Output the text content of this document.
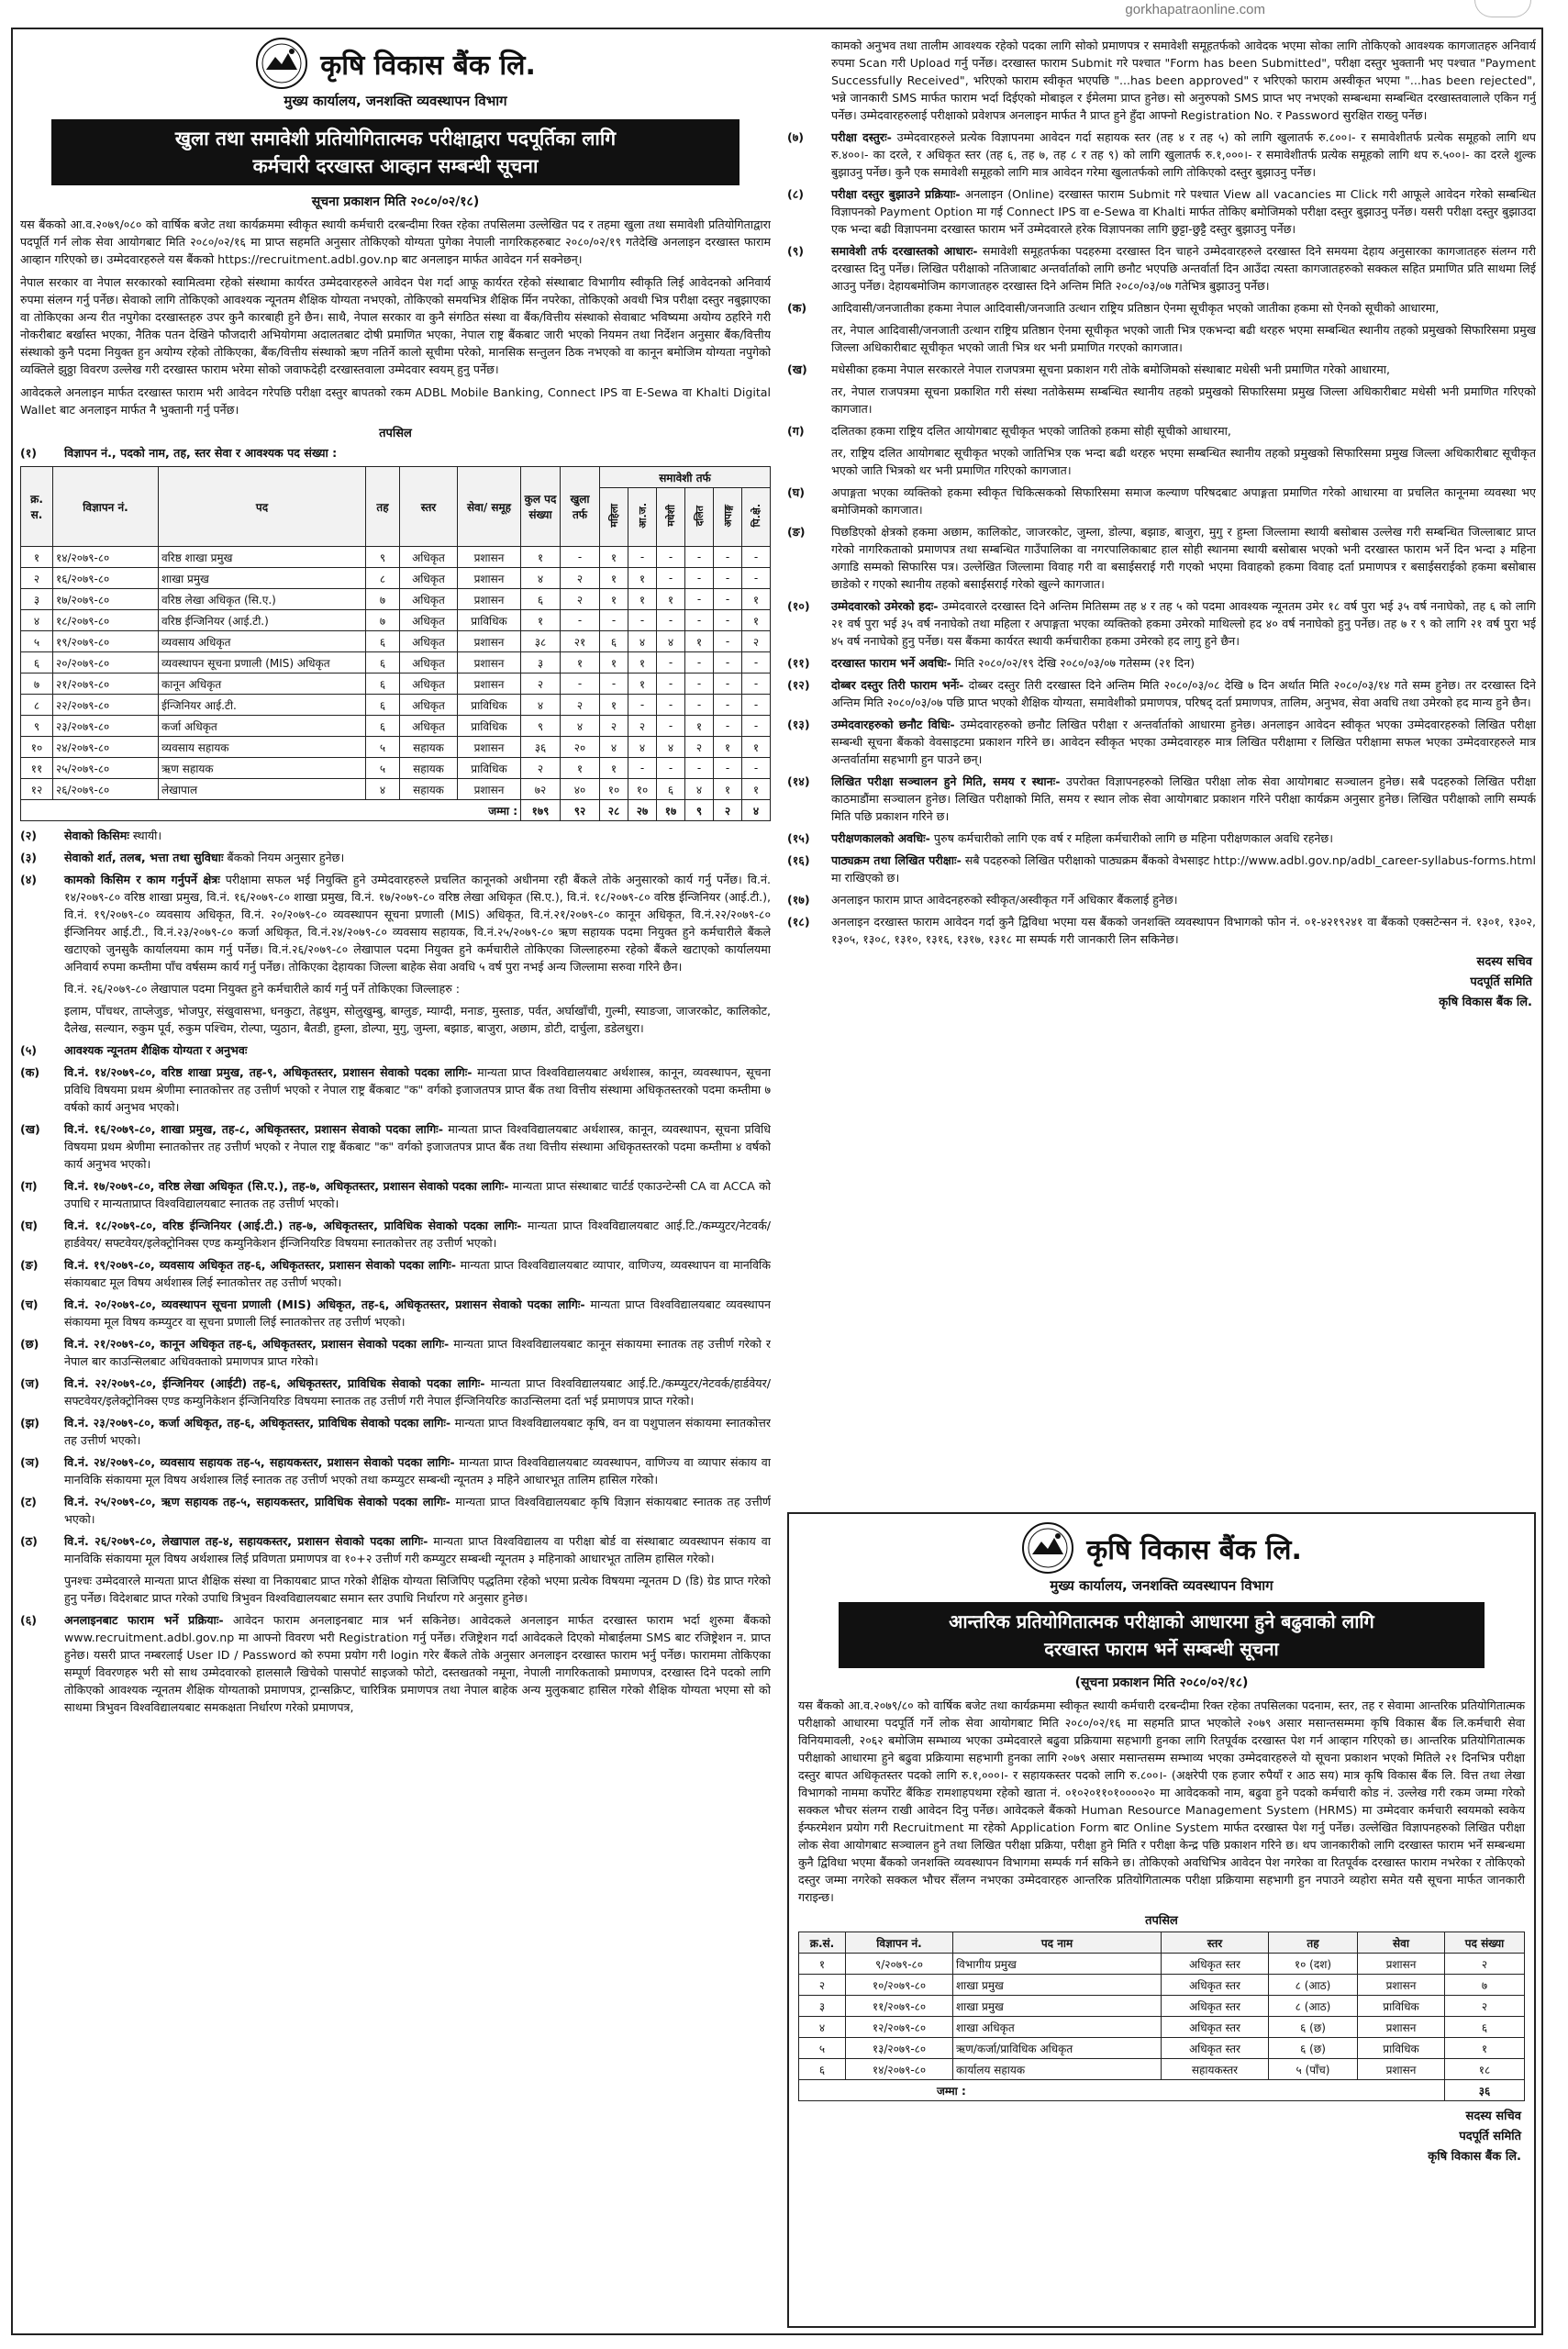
gorkhapatraonline.com
कृषि विकास बैंक लि.
मुख्य कार्यालय, जनशक्ति व्यवस्थापन विभाग
खुला तथा समावेशी प्रतियोगितात्मक परीक्षाद्वारा पदपूर्तिका लागि
कर्मचारी दरखास्त आव्हान सम्बन्धी सूचना
सूचना प्रकाशन मिति २०८०/०२/१८)

यस बैंकको आ.व.२०७९/०८० को वार्षिक बजेट तथा कार्यक्रममा स्वीकृत स्थायी कर्मचारी दरबन्दीमा रिक्त रहेका तपसिलमा उल्लेखित पद र तहमा खुला तथा समावेशी प्रतियोगिताद्वारा पदपूर्ति गर्न लोक सेवा आयोगबाट मिति २०८०/०२/१६ मा प्राप्त सहमति अनुसार तोकिएको योग्यता पुगेका नेपाली नागरिकहरुबाट २०८०/०२/१९ गतेदेखि अनलाइन दरखास्त फाराम आव्हान गरिएको छ। उम्मेदवारहरुले यस बैंकको https://recruitment.adbl.gov.np बाट अनलाइन मार्फत आवेदन गर्न सक्नेछन्।

नेपाल सरकार वा नेपाल सरकारको स्वामित्वमा रहेको संस्थामा कार्यरत उम्मेदवारहरुले आवेदन पेश गर्दा आफू कार्यरत रहेको संस्थाबाट विभागीय स्वीकृति लिई आवेदनको अनिवार्य रुपमा संलग्न गर्नु पर्नेछ। सेवाको लागि तोकिएको आवश्यक न्यूनतम शैक्षिक योग्यता नभएको, तोकिएको समयभित्र शैक्षिक र्मिन नपरेका, तोकिएको अवधी भित्र परीक्षा दस्तुर नबुझाएका वा तोकिएका अन्य रीत नपुगेका दरखास्तहरु उपर कुनै कारबाही हुने छैन। साथै, नेपाल सरकार वा कुनै संगठित संस्था वा बैंक/वित्तीय संस्थाको सेवाबाट भविष्यमा अयोग्य ठहरिने गरी नोकरीबाट बर्खास्त भएका, नैतिक पतन देखिने फौजदारी अभियोगमा अदालतबाट दोषी प्रमाणित भएका, नेपाल राष्ट्र बैंकबाट जारी भएको नियमन तथा निर्देशन अनुसार बैंक/वित्तीय संस्थाको कुनै पदमा नियुक्त हुन अयोग्य रहेको तोकिएका, बैंक/वित्तीय संस्थाको ऋण नतिर्ने कालो सूचीमा परेको, मानसिक सन्तुलन ठिक नभएको वा कानून बमोजिम योग्यता नपुगेको व्यक्तिले झुठ्ठा विवरण उल्लेख गरी दरखास्त फाराम भरेमा सोको जवाफदेही दरखास्तवाला उम्मेदवार स्वयम् हुनु पर्नेछ।

आवेदकले अनलाइन मार्फत दरखास्त फाराम भरी आवेदन गरेपछि परीक्षा दस्तुर बापतको रकम ADBL Mobile Banking, Connect IPS वा E-Sewa वा Khalti Digital Wallet बाट अनलाइन मार्फत नै भुक्तानी गर्नु पर्नेछ।

तपसिल
(१)	विज्ञापन नं., पदको नाम, तह, स्तर सेवा र आवश्यक पद संख्या :
क्र. स.	विज्ञापन नं.	पद	तह	स्तर	सेवा/ समूह	कुल पद संख्या	खुला तर्फ	समावेशी तर्फ					
								महिला	आ.ज.	मधेशी	दलित	अपाङ्ग	पि.क्षे.
१	१४/२०७९-८०	वरिष्ठ शाखा प्रमुख	९	अधिकृत	प्रशासन	१	-	१	-	-	-	-	-
२	१६/२०७९-८०	शाखा प्रमुख	८	अधिकृत	प्रशासन	४	२	१	१	-	-	-	-
३	१७/२०७९-८०	वरिष्ठ लेखा अधिकृत (सि.ए.)	७	अधिकृत	प्रशासन	६	२	१	१	१	-	-	१
४	१८/२०७९-८०	वरिष्ठ ईन्जिनियर (आई.टी.)	७	अधिकृत	प्राविधिक	१	-	-	-	-	-	-	१
५	१९/२०७९-८०	व्यवसाय अधिकृत	६	अधिकृत	प्रशासन	३८	२१	६	४	४	१	-	२
६	२०/२०७९-८०	व्यवस्थापन सूचना प्रणाली (MIS) अधिकृत	६	अधिकृत	प्रशासन	३	१	१	१	-	-	-	-
७	२१/२०७९-८०	कानून अधिकृत	६	अधिकृत	प्रशासन	२	-	-	१	-	-	-	-
८	२२/२०७९-८०	ईन्जिनियर आई.टी.	६	अधिकृत	प्राविधिक	४	२	१	-	-	-	-	-
९	२३/२०७९-८०	कर्जा अधिकृत	६	अधिकृत	प्राविधिक	९	४	२	२	-	१	-	-
१०	२४/२०७९-८०	व्यवसाय सहायक	५	सहायक	प्रशासन	३६	२०	४	४	४	२	१	१
११	२५/२०७९-८०	ऋण सहायक	५	सहायक	प्राविधिक	२	१	१	-	-	-	-	-
१२	२६/२०७९-८०	लेखापाल	४	सहायक	प्रशासन	७२	४०	१०	१०	६	४	१	१
जम्मा :						१७९	९२	२८	२७	१७	९	२	४
(२)	सेवाको किसिमः स्थायी।
(३)	सेवाको शर्त, तलब, भत्ता तथा सुविधाः बैंकको नियम अनुसार हुनेछ।
(४)	कामको किसिम र काम गर्नुपर्ने क्षेत्रः परीक्षामा सफल भई नियुक्ति हुने उम्मेदवारहरुले प्रचलित कानूनको अधीनमा रही बैंकले तोके अनुसारको कार्य गर्नु पर्नेछ। वि.नं. १४/२०७९-८० वरिष्ठ शाखा प्रमुख, वि.नं. १६/२०७९-८० शाखा प्रमुख, वि.नं. १७/२०७९-८० वरिष्ठ लेखा अधिकृत (सि.ए.), वि.नं. १८/२०७९-८० वरिष्ठ ईन्जिनियर (आई.टी.), वि.नं. १९/२०७९-८० व्यवसाय अधिकृत, वि.नं. २०/२०७९-८० व्यवस्थापन सूचना प्रणाली (MIS) अधिकृत, वि.नं.२१/२०७९-८० कानून अधिकृत, वि.नं.२२/२०७९-८० ईन्जिनियर आई.टी., वि.नं.२३/२०७९-८० कर्जा अधिकृत, वि.नं.२४/२०७९-८० व्यवसाय सहायक, वि.नं.२५/२०७९-८० ऋण सहायक पदमा नियुक्त हुने कर्मचारीले बैंकले खटाएको जुनसुकै कार्यालयमा काम गर्नु पर्नेछ। वि.नं.२६/२०७९-८० लेखापाल पदमा नियुक्त हुने कर्मचारीले तोकिएका जिल्लाहरुमा रहेको बैंकले खटाएको कार्यालयमा अनिवार्य रुपमा कम्तीमा पाँच वर्षसम्म कार्य गर्नु पर्नेछ। तोकिएका देहायका जिल्ला बाहेक सेवा अवधि ५ वर्ष पुरा नभई अन्य जिल्लामा सरुवा गरिने छैन।
वि.नं. २६/२०७९-८० लेखापाल पदमा नियुक्त हुने कर्मचारीले कार्य गर्नु पर्ने तोकिएका जिल्लाहरु :
इलाम, पाँचथर, ताप्लेजुङ, भोजपुर, संखुवासभा, धनकुटा, तेह्रथुम, सोलुखुम्बु, बाग्लुङ, म्याग्दी, मनाङ, मुस्ताङ, पर्वत, अर्घाखाँची, गुल्मी, स्याङजा, जाजरकोट, कालिकोट, दैलेख, सल्यान, रुकुम पूर्व, रुकुम पश्चिम, रोल्पा, प्युठान, बैतडी, हुम्ला, डोल्पा, मुगु, जुम्ला, बझाङ, बाजुरा, अछाम, डोटी, दार्चुला, डडेलधुरा।
(५)	आवश्यक न्यूनतम शैक्षिक योग्यता र अनुभवः
(क)	वि.नं. १४/२०७९-८०, वरिष्ठ शाखा प्रमुख, तह-९, अधिकृतस्तर, प्रशासन सेवाको पदका लागिः- मान्यता प्राप्त विश्वविद्यालयबाट अर्थशास्त्र, कानून, व्यवस्थापन, सूचना प्रविधि विषयमा प्रथम श्रेणीमा स्नातकोत्तर तह उत्तीर्ण भएको र नेपाल राष्ट्र बैंकबाट "क" वर्गको इजाजतपत्र प्राप्त बैंक तथा वित्तीय संस्थामा अधिकृतस्तरको पदमा कम्तीमा ७ वर्षको कार्य अनुभव भएको।
(ख)	वि.नं. १६/२०७९-८०, शाखा प्रमुख, तह-८, अधिकृतस्तर, प्रशासन सेवाको पदका लागिः- मान्यता प्राप्त विश्वविद्यालयबाट अर्थशास्त्र, कानून, व्यवस्थापन, सूचना प्रविधि विषयमा प्रथम श्रेणीमा स्नातकोत्तर तह उत्तीर्ण भएको र नेपाल राष्ट्र बैंकबाट "क" वर्गको इजाजतपत्र प्राप्त बैंक तथा वित्तीय संस्थामा अधिकृतस्तरको पदमा कम्तीमा ४ वर्षको कार्य अनुभव भएको।
(ग)	वि.नं. १७/२०७९-८०, वरिष्ठ लेखा अधिकृत (सि.ए.), तह-७, अधिकृतस्तर, प्रशासन सेवाको पदका लागिः- मान्यता प्राप्त संस्थाबाट चार्टर्ड एकाउन्टेन्सी CA वा ACCA को उपाधि र मान्यताप्राप्त विश्वविद्यालयबाट स्नातक तह उत्तीर्ण भएको।
(घ)	वि.नं. १८/२०७९-८०, वरिष्ठ ईन्जिनियर (आई.टी.) तह-७, अधिकृतस्तर, प्राविधिक सेवाको पदका लागिः- मान्यता प्राप्त विश्वविद्यालयबाट आई.टि./कम्प्युटर/नेटवर्क/हार्डवेयर/ सफ्टवेयर/इलेक्ट्रोनिक्स एण्ड कम्युनिकेशन ईन्जिनियरिङ विषयमा स्नातकोत्तर तह उत्तीर्ण भएको।
(ङ)	वि.नं. १९/२०७९-८०, व्यवसाय अधिकृत तह-६, अधिकृतस्तर, प्रशासन सेवाको पदका लागिः- मान्यता प्राप्त विश्वविद्यालयबाट व्यापार, वाणिज्य, व्यवस्थापन वा मानविकि संकायबाट मूल विषय अर्थशास्त्र लिई स्नातकोत्तर तह उत्तीर्ण भएको।
(च)	वि.नं. २०/२०७९-८०, व्यवस्थापन सूचना प्रणाली (MIS) अधिकृत, तह-६, अधिकृतस्तर, प्रशासन सेवाको पदका लागिः- मान्यता प्राप्त विश्वविद्यालयबाट व्यवस्थापन संकायमा मूल विषय कम्प्युटर वा सूचना प्रणाली लिई स्नातकोत्तर तह उत्तीर्ण भएको।
(छ)	वि.नं. २१/२०७९-८०, कानून अधिकृत तह-६, अधिकृतस्तर, प्रशासन सेवाको पदका लागिः- मान्यता प्राप्त विश्वविद्यालयबाट कानून संकायमा स्नातक तह उत्तीर्ण गरेको र नेपाल बार काउन्सिलबाट अधिवक्ताको प्रमाणपत्र प्राप्त गरेको।
(ज)	वि.नं. २२/२०७९-८०, ईन्जिनियर (आईटी) तह-६, अधिकृतस्तर, प्राविधिक सेवाको पदका लागिः- मान्यता प्राप्त विश्वविद्यालयबाट आई.टि./कम्प्युटर/नेटवर्क/हार्डवेयर/सफ्टवेयर/इलेक्ट्रोनिक्स एण्ड कम्युनिकेशन ईन्जिनियरिङ विषयमा स्नातक तह उत्तीर्ण गरी नेपाल ईन्जिनियरिङ काउन्सिलमा दर्ता भई प्रमाणपत्र प्राप्त गरेको।
(झ)	वि.नं. २३/२०७९-८०, कर्जा अधिकृत, तह-६, अधिकृतस्तर, प्राविधिक सेवाको पदका लागिः- मान्यता प्राप्त विश्वविद्यालयबाट कृषि, वन वा पशुपालन संकायमा स्नातकोत्तर तह उत्तीर्ण भएको।
(ञ)	वि.नं. २४/२०७९-८०, व्यवसाय सहायक तह-५, सहायकस्तर, प्रशासन सेवाको पदका लागिः- मान्यता प्राप्त विश्वविद्यालयबाट व्यवस्थापन, वाणिज्य वा व्यापार संकाय वा मानविकि संकायमा मूल विषय अर्थशास्त्र लिई स्नातक तह उत्तीर्ण भएको तथा कम्प्युटर सम्बन्धी न्यूनतम ३ महिने आधारभूत तालिम हासिल गरेको।
(ट)	वि.नं. २५/२०७९-८०, ऋण सहायक तह-५, सहायकस्तर, प्राविधिक सेवाको पदका लागिः- मान्यता प्राप्त विश्वविद्यालयबाट कृषि विज्ञान संकायबाट स्नातक तह उत्तीर्ण भएको।
(ठ)	वि.नं. २६/२०७९-८०, लेखापाल तह-४, सहायकस्तर, प्रशासन सेवाको पदका लागिः- मान्यता प्राप्त विश्वविद्यालय वा परीक्षा बोर्ड वा संस्थाबाट व्यवस्थापन संकाय वा मानविकि संकायमा मूल विषय अर्थशास्त्र लिई प्रविणता प्रमाणपत्र वा १०+२ उत्तीर्ण गरी कम्प्युटर सम्बन्धी न्यूनतम ३ महिनाको आधारभूत तालिम हासिल गरेको।
पुनश्चः उम्मेदवारले मान्यता प्राप्त शैक्षिक संस्था वा निकायबाट प्राप्त गरेको शैक्षिक योग्यता सिजिपिए पद्धतिमा रहेको भएमा प्रत्येक विषयमा न्यूनतम D (डि) ग्रेड प्राप्त गरेको हुनु पर्नेछ। विदेशबाट प्राप्त गरेको उपाधि त्रिभुवन विश्वविद्यालयबाट समान स्तर उपाधि निर्धारण गरे अनुसार हुनेछ।
(६)	अनलाइनबाट फाराम भर्ने प्रक्रियाः- आवेदन फाराम अनलाइनबाट मात्र भर्न सकिनेछ। आवेदकले अनलाइन मार्फत दरखास्त फाराम भर्दा शुरुमा बैंकको www.recruitment.adbl.gov.np मा आफ्नो विवरण भरी Registration गर्नु पर्नेछ। रजिष्ट्रेशन गर्दा आवेदकले दिएको मोबाईलमा SMS बाट रजिष्ट्रेशन न. प्राप्त हुनेछ। यसरी प्राप्त नम्बरलाई User ID / Password को रुपमा प्रयोग गरी login गरेर बैंकले तोके अनुसार अनलाइन दरखास्त फाराम भर्नु पर्नेछ। फाराममा तोकिएका सम्पूर्ण विवरणहरु भरी सो साथ उम्मेदवारको हालसालै खिचेको पासपोर्ट साइजको फोटो, दस्तखतको नमूना, नेपाली नागरिकताको प्रमाणपत्र, दरखास्त दिने पदको लागि तोकिएको आवश्यक न्यूनतम शैक्षिक योग्यताको प्रमाणपत्र, ट्रान्सक्रिप्ट, चारित्रिक प्रमाणपत्र तथा नेपाल बाहेक अन्य मुलुकबाट हासिल गरेको शैक्षिक योग्यता भएमा सो को साथमा त्रिभुवन विश्वविद्यालयबाट समकक्षता निर्धारण गरेको प्रमाणपत्र,
कामको अनुभव तथा तालीम आवश्यक रहेको पदका लागि सोको प्रमाणपत्र र समावेशी समूहतर्फको आवेदक भएमा सोका लागि तोकिएको आवश्यक कागजातहरु अनिवार्य रुपमा Scan गरी Upload गर्नु पर्नेछ। दरखास्त फाराम Submit गरे पश्चात "Form has been Submitted", परीक्षा दस्तुर भुक्तानी भए पश्चात "Payment Successfully Received", भरिएको फाराम स्वीकृत भएपछि "...has been approved" र भरिएको फाराम अस्वीकृत भएमा "...has been rejected", भन्ने जानकारी SMS मार्फत फाराम भर्दा दिईएको मोबाइल र ईमेलमा प्राप्त हुनेछ। सो अनुरुपको SMS प्राप्त भए नभएको सम्बन्धमा सम्बन्धित दरखास्तवालाले एकिन गर्नु पर्नेछ। उम्मेदवारहरुलाई परीक्षाको प्रवेशपत्र अनलाइन मार्फत नै प्राप्त हुने हुँदा आफ्नो Registration No. र Password सुरक्षित राख्नु पर्नेछ।
(७)	परीक्षा दस्तुरः- उम्मेदवारहरुले प्रत्येक विज्ञापनमा आवेदन गर्दा सहायक स्तर (तह ४ र तह ५) को लागि खुलातर्फ रु.८००।- र समावेशीतर्फ प्रत्येक समूहको लागि थप रु.४००।- का दरले, र अधिकृत स्तर (तह ६, तह ७, तह ८ र तह ९) को लागि खुलातर्फ रु.१,०००।- र समावेशीतर्फ प्रत्येक समूहको लागि थप रु.५००।- का दरले शुल्क बुझाउनु पर्नेछ। कुनै एक समावेशी समूहको लागि मात्र आवेदन गरेमा खुलातर्फको लागि तोकिएको दस्तुर बुझाउनु पर्नेछ।
(८)	परीक्षा दस्तुर बुझाउने प्रक्रियाः- अनलाइन (Online) दरखास्त फाराम Submit गरे पश्चात View all vacancies मा Click गरी आफूले आवेदन गरेको सम्बन्धित विज्ञापनको Payment Option मा गई Connect IPS वा e-Sewa वा Khalti मार्फत तोकिए बमोजिमको परीक्षा दस्तुर बुझाउनु पर्नेछ। यसरी परीक्षा दस्तुर बुझाउदा एक भन्दा बढी विज्ञापनमा दरखास्त फाराम भर्ने उम्मेदवारले हरेक विज्ञापनका लागि छुट्टा-छुट्टै दस्तुर बुझाउनु पर्नेछ।
(९)	समावेशी तर्फ दरखास्तको आधारः- समावेशी समूहतर्फका पदहरुमा दरखास्त दिन चाहने उम्मेदवारहरुले दरखास्त दिने समयमा देहाय अनुसारका कागजातहरु संलग्न गरी दरखास्त दिनु पर्नेछ। लिखित परीक्षाको नतिजाबाट अन्तर्वार्ताको लागि छनौट भएपछि अन्तर्वार्ता दिन आउँदा त्यस्ता कागजातहरुको सक्कल सहित प्रमाणित प्रति साथमा लिई आउनु पर्नेछ। देहायबमोजिम कागजातहरु दरखास्त दिने अन्तिम मिति २०८०/०३/०७ गतेभित्र बुझाउनु पर्नेछ।
(क)	आदिवासी/जनजातीका हकमा नेपाल आदिवासी/जनजाति उत्थान राष्ट्रिय प्रतिष्ठान ऐनमा सूचीकृत भएको जातीका हकमा सो ऐनको सूचीको आधारमा,
तर, नेपाल आदिवासी/जनजाती उत्थान राष्ट्रिय प्रतिष्ठान ऐनमा सूचीकृत भएको जाती भित्र एकभन्दा बढी थरहरु भएमा सम्बन्धित स्थानीय तहको प्रमुखको सिफारिसमा प्रमुख जिल्ला अधिकारीबाट सूचीकृत भएको जाती भित्र थर भनी प्रमाणित गरएको कागजात।
(ख)	मधेसीका हकमा नेपाल सरकारले नेपाल राजपत्रमा सूचना प्रकाशन गरी तोके बमोजिमको संस्थाबाट मधेसी भनी प्रमाणित गरेको आधारमा,
तर, नेपाल राजपत्रमा सूचना प्रकाशित गरी संस्था नतोकेसम्म सम्बन्धित स्थानीय तहको प्रमुखको सिफारिसमा प्रमुख जिल्ला अधिकारीबाट मधेसी भनी प्रमाणित गरिएको कागजात।
(ग)	दलितका हकमा राष्ट्रिय दलित आयोगबाट सूचीकृत भएको जातिको हकमा सोही सूचीको आधारमा,
तर, राष्ट्रिय दलित आयोगबाट सूचीकृत भएको जातिभित्र एक भन्दा बढी थरहरु भएमा सम्बन्धित स्थानीय तहको प्रमुखको सिफारिसमा प्रमुख जिल्ला अधिकारीबाट सूचीकृत भएको जाति भित्रको थर भनी प्रमाणित गरिएको कागजात।
(घ)	अपाङ्गता भएका व्यक्तिको हकमा स्वीकृत चिकित्सकको सिफारिसमा समाज कल्याण परिषदबाट अपाङ्गता प्रमाणित गरेको आधारमा वा प्रचलित कानूनमा व्यवस्था भए बमोजिमको कागजात।
(ङ)	पिछडिएको क्षेत्रको हकमा अछाम, कालिकोट, जाजरकोट, जुम्ला, डोल्पा, बझाङ, बाजुरा, मुगु र हुम्ला जिल्लामा स्थायी बसोबास उल्लेख गरी सम्बन्धित जिल्लाबाट प्राप्त गरेको नागरिकताको प्रमाणपत्र तथा सम्बन्धित गाउँपालिका वा नगरपालिकाबाट हाल सोही स्थानमा स्थायी बसोबास भएको भनी दरखास्त फाराम भर्ने दिन भन्दा ३ महिना अगाडि सम्मको सिफारिस पत्र। उल्लेखित जिल्लामा विवाह गरी वा बसाईसराई गरी गएको भएमा विवाहको हकमा विवाह दर्ता प्रमाणपत्र र बसाईसराईको हकमा बसोबास छाडेको र गएको स्थानीय तहको बसाईसराई गरेको खुल्ने कागजात।
(१०)	उम्मेदवारको उमेरको हदः- उम्मेदवारले दरखास्त दिने अन्तिम मितिसम्म तह ४ र तह ५ को पदमा आवश्यक न्यूनतम उमेर १८ वर्ष पुरा भई ३५ वर्ष ननाघेको, तह ६ को लागि २१ वर्ष पुरा भई ३५ वर्ष ननाघेको तथा महिला र अपाङ्गता भएका व्यक्तिको हकमा उमेरको माथिल्लो हद ४० वर्ष ननाघेको हुनु पर्नेछ। तह ७ र ९ को लागि २१ वर्ष पुरा भई ४५ वर्ष ननाघेको हुनु पर्नेछ। यस बैंकमा कार्यरत स्थायी कर्मचारीका हकमा उमेरको हद लागु हुने छैन।
(११)	दरखास्त फाराम भर्ने अवधिः- मिति २०८०/०२/१९ देखि २०८०/०३/०७ गतेसम्म (२१ दिन)
(१२)	दोब्बर दस्तुर तिरी फाराम भर्नेः- दोब्बर दस्तुर तिरी दरखास्त दिने अन्तिम मिति २०८०/०३/०८ देखि ७ दिन अर्थात मिति २०८०/०३/१४ गते सम्म हुनेछ। तर दरखास्त दिने अन्तिम मिति २०८०/०३/०७ पछि प्राप्त भएको शैक्षिक योग्यता, समावेशीको प्रमाणपत्र, परिषद् दर्ता प्रमाणपत्र, तालिम, अनुभव, सेवा अवधि तथा उमेरको हद मान्य हुने छैन।
(१३)	उम्मेदवारहरुको छनौट विधिः- उम्मेदवारहरुको छनौट लिखित परीक्षा र अन्तर्वार्ताको आधारमा हुनेछ। अनलाइन आवेदन स्वीकृत भएका उम्मेदवारहरुको लिखित परीक्षा सम्बन्धी सूचना बैंकको वेवसाइटमा प्रकाशन गरिने छ। आवेदन स्वीकृत भएका उम्मेदवारहरु मात्र लिखित परीक्षामा र लिखित परीक्षामा सफल भएका उम्मेदवारहरुले मात्र अन्तर्वार्तामा सहभागी हुन पाउने छन्।
(१४)	लिखित परीक्षा सञ्चालन हुने मिति, समय र स्थानः- उपरोक्त विज्ञापनहरुको लिखित परीक्षा लोक सेवा आयोगबाट सञ्चालन हुनेछ। सबै पदहरुको लिखित परीक्षा काठमाडौंमा सञ्चालन हुनेछ। लिखित परीक्षाको मिति, समय र स्थान लोक सेवा आयोगबाट प्रकाशन गरिने परीक्षा कार्यक्रम अनुसार हुनेछ। लिखित परीक्षाको लागि सम्पर्क मिति पछि प्रकाशन गरिने छ।
(१५)	परीक्षणकालको अवधिः- पुरुष कर्मचारीको लागि एक वर्ष र महिला कर्मचारीको लागि छ महिना परीक्षणकाल अवधि रहनेछ।
(१६)	पाठ्यक्रम तथा लिखित परीक्षाः- सबै पदहरुको लिखित परीक्षाको पाठ्यक्रम बैंकको वेभसाइट http://www.adbl.gov.np/adbl_career-syllabus-forms.html मा राखिएको छ।
(१७)	अनलाइन फाराम प्राप्त आवेदनहरुको स्वीकृत/अस्वीकृत गर्ने अधिकार बैंकलाई हुनेछ।
(१८)	अनलाइन दरखास्त फाराम आवेदन गर्दा कुनै द्विविधा भएमा यस बैंकको जनशक्ति व्यवस्थापन विभागको फोन नं. ०१-४२१९२४१ वा बैंकको एक्सटेन्सन नं. १३०१, १३०२, १३०५, १३०८, १३१०, १३१६, १३१७, १३१८ मा सम्पर्क गरी जानकारी लिन सकिनेछ।
सदस्य सचिव
पदपूर्ति समिति
कृषि विकास बैंक लि.
कृषि विकास बैंक लि.
मुख्य कार्यालय, जनशक्ति व्यवस्थापन विभाग
आन्तरिक प्रतियोगितात्मक परीक्षाको आधारमा हुने बढुवाको लागि
दरखास्त फाराम भर्ने सम्बन्धी सूचना
(सूचना प्रकाशन मिति २०८०/०२/१८)

यस बैंकको आ.व.२०७९/८० को वार्षिक बजेट तथा कार्यक्रममा स्वीकृत स्थायी कर्मचारी दरबन्दीमा रिक्त रहेका तपसिलका पदनाम, स्तर, तह र सेवामा आन्तरिक प्रतियोगितात्मक परीक्षाको आधारमा पदपूर्ति गर्ने लोक सेवा आयोगबाट मिति २०८०/०२/१६ मा सहमति प्राप्त भएकोले २०७९ असार मसान्तसम्ममा कृषि विकास बैंक लि.कर्मचारी सेवा विनियमावली, २०६२ बमोजिम सम्भाव्य भएका उम्मेदवारले बढुवा प्रक्रियामा सहभागी हुनका लागि रितपूर्वक दरखास्त पेश गर्न आव्हान गरिएको छ। आन्तरिक प्रतियोगितात्मक परीक्षाको आधारमा हुने बढुवा प्रक्रियामा सहभागी हुनका लागि २०७९ असार मसान्तसम्म सम्भाव्य भएका उम्मेदवारहरुले यो सूचना प्रकाशन भएको मितिले २१ दिनभित्र परीक्षा दस्तुर बापत अधिकृतस्तर पदको लागि रु.१,०००।- र सहायकस्तर पदको लागि रु.८००।- (अक्षरेपी एक हजार रुपैयाँ र आठ सय) मात्र कृषि विकास बैंक लि. वित्त तथा लेखा विभागको नाममा कर्पोरेट बैंकिङ रामशाहपथमा रहेको खाता नं. ०१०२०११०१००००२० मा आवेदकको नाम, बढुवा हुने पदको कर्मचारी कोड नं. उल्लेख गरी रकम जम्मा गरेको सक्कल भौचर संलग्न राखी आवेदन दिनु पर्नेछ। आवेदकले बैंकको Human Resource Management System (HRMS) मा उम्मेदवार कर्मचारी स्वयमको स्वकेय ईन्फरमेशन प्रयोग गरी Recruitment मा रहेको Application Form बाट Online System मार्फत दरखास्त पेश गर्नु पर्नेछ। उल्लेखित विज्ञापनहरुको लिखित परीक्षा लोक सेवा आयोगबाट सञ्चालन हुने तथा लिखित परीक्षा प्रक्रिया, परीक्षा हुने मिति र परीक्षा केन्द्र पछि प्रकाशन गरिने छ। थप जानकारीको लागि दरखास्त फाराम भर्ने सम्बन्धमा कुनै द्विविधा भएमा बैंकको जनशक्ति व्यवस्थापन विभागमा सम्पर्क गर्न सकिने छ। तोकिएको अवधिभित्र आवेदन पेश नगरेका वा रितपूर्वक दरखास्त फाराम नभरेका र तोकिएको दस्तुर जम्मा नगरेको सक्कल भौचर सँलग्न नभएका उम्मेदवारहरु आन्तरिक प्रतियोगितात्मक परीक्षा प्रक्रियामा सहभागी हुन नपाउने व्यहोरा समेत यसै सूचना मार्फत जानकारी गराइन्छ।

तपसिल
क्र.सं.	विज्ञापन नं.	पद नाम	स्तर	तह	सेवा	पद संख्या
१	९/२०७९-८०	विभागीय प्रमुख	अधिकृत स्तर	१० (दश)	प्रशासन	२
२	१०/२०७९-८०	शाखा प्रमुख	अधिकृत स्तर	८ (आठ)	प्रशासन	७
३	११/२०७९-८०	शाखा प्रमुख	अधिकृत स्तर	८ (आठ)	प्राविधिक	२
४	१२/२०७९-८०	शाखा अधिकृत	अधिकृत स्तर	६ (छ)	प्रशासन	६
५	१३/२०७९-८०	ऋण/कर्जा/प्राविधिक अधिकृत	अधिकृत स्तर	६ (छ)	प्राविधिक	१
६	१४/२०७९-८०	कार्यालय सहायक	सहायकस्तर	५ (पाँच)	प्रशासन	१८
जम्मा :						३६
सदस्य सचिव
पदपूर्ति समिति
कृषि विकास बैंक लि.
